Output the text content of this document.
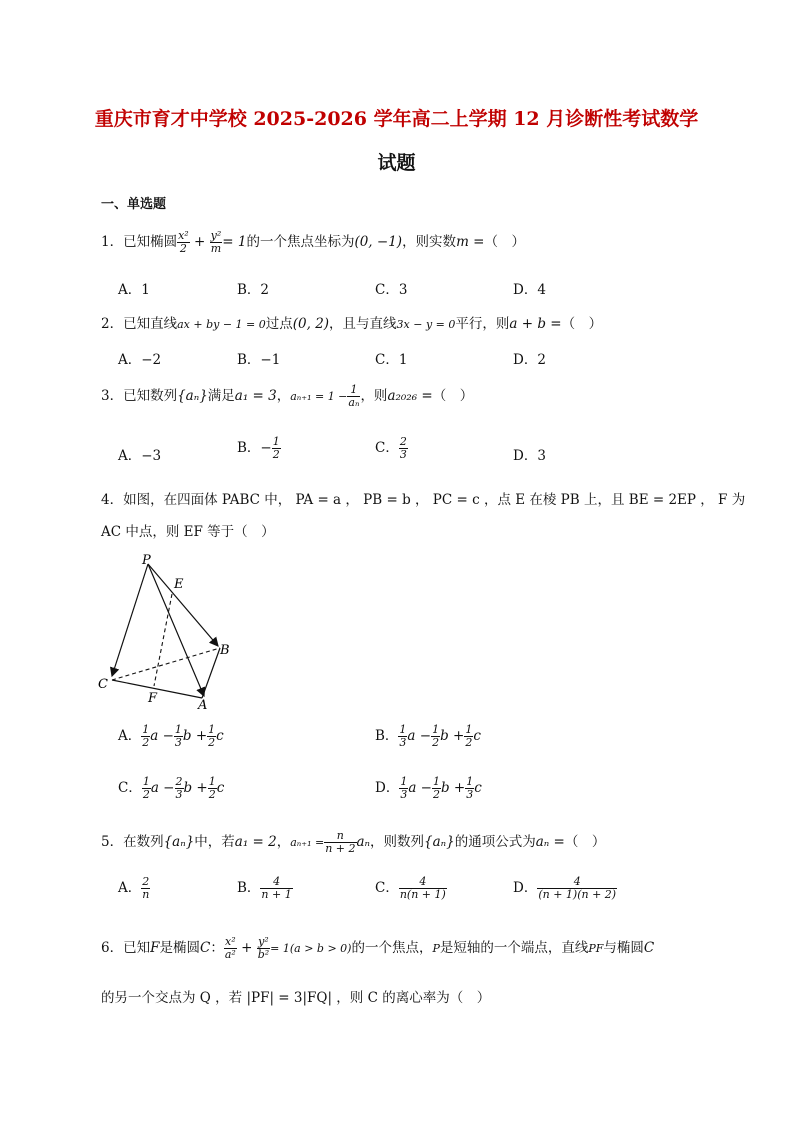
重庆市育才中学校 2025-2026 学年高二上学期 12 月诊断性考试数学
试题
一、单选题
1．已知椭圆 $\frac{\text{x²}}{2} + \frac{\text{y²}}{m} = 1$的一个焦点坐标为(0, −1)，则实数m =（　）
A．1	B．2	C．3	D．4
2．已知直线ax + by − 1 = 0过点(0, 2)，且与直线3x − y = 0平行，则a + b =（　）
A．−2	B．−1	C．1	D．2
3．已知数列{aₙ}满足a₁ = 3，$a_{n+1} = 1 - \frac{1}{\text{aₙ}}$ ，则a₂₀₂₆ =（　）
A．−3	B．− $\frac{1}{2}$	C． $\frac{2}{3}$	D．3
4．如图，在四面体 PABC 中， PA = a ， PB = b ， PC = c ，点 E 在棱 PB 上，且 BE = 2EP ， F 为
AC 中点，则 EF 等于（　）
P
E
B
C
F	A
A． $\frac{1}{2}$ $a - \frac{1}{3}$ $b + \frac{1}{2}$ c	B． $\frac{1}{3}$ $a - \frac{1}{2}$ $b + \frac{1}{2}$ c
C． $\frac{1}{2}$ $a - \frac{2}{3}$ $b + \frac{1}{2}$ c	D． $\frac{1}{3}$ $a - \frac{1}{2}$ $b + \frac{1}{3}$ c
5．在数列{aₙ}中，若a₁ = 2，$a_{n+1} = \frac{n}{n + 2}$ aₙ，则数列{aₙ}的通项公式为aₙ =（　）
A． $\frac{2}{n}$	B． $\frac{4}{n + 1}$	C． $\frac{4}{n(n + 1)}$	D． $\frac{4}{(n + 1)(n + 2)}$
6．已知F是椭圆C： $\frac{\text{x²}}{\text{a²}} + \frac{\text{y²}}{\text{b²}} = 1(a > b > 0)$的一个焦点，P是短轴的一个端点，直线PF与椭圆C
的另一个交点为 Q ，若 |PF| = 3|FQ| ，则 C 的离心率为（　）
